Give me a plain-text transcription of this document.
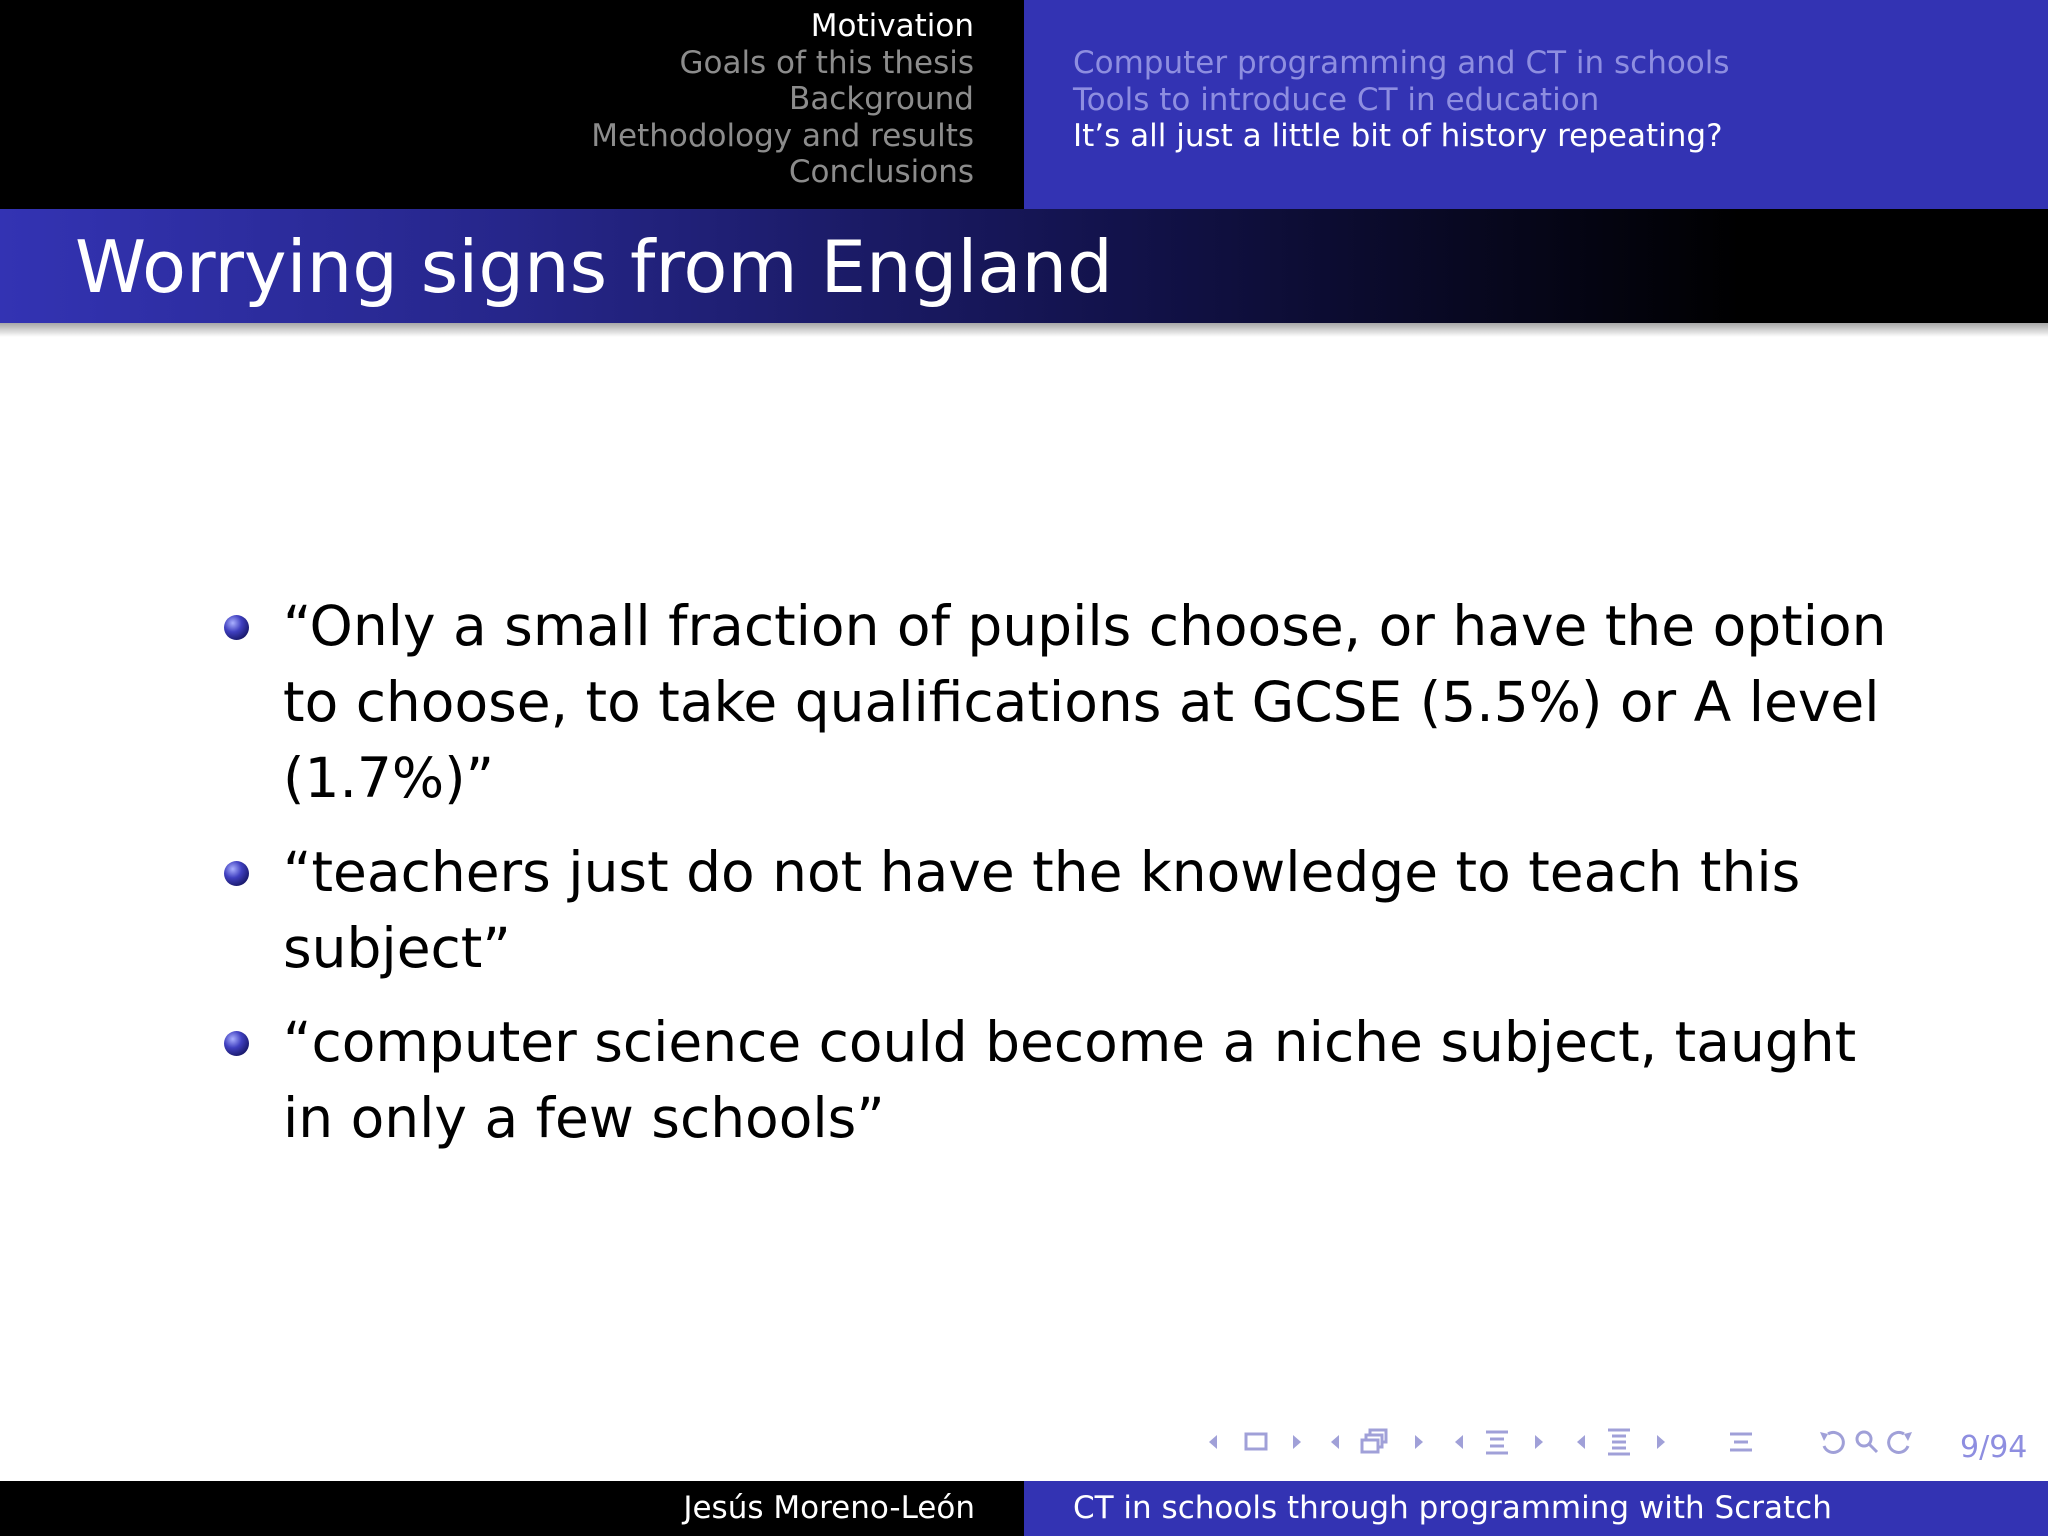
Motivation
Goals of this thesis
Background
Methodology and results
Conclusions
Computer programming and CT in schools
Tools to introduce CT in education
It’s all just a little bit of history repeating?
Worrying signs from England
“Only a small fraction of pupils choose, or have the option to choose, to take qualifications at GCSE (5.5%) or A level (1.7%)”
“teachers just do not have the knowledge to teach this subject”
“computer science could become a niche subject, taught in only a few schools”
9/94
Jesús Moreno-León	CT in schools through programming with Scratch
